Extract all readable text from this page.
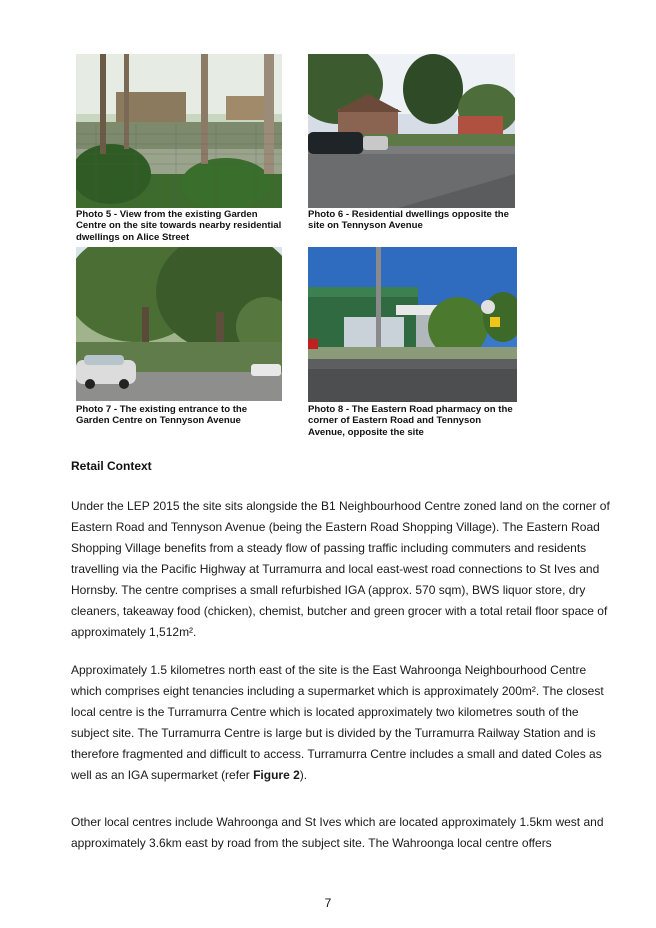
Photo 5 - View from the existing Garden Centre on the site towards nearby residential dwellings on Alice Street
Photo 6 - Residential dwellings opposite the site on Tennyson Avenue
Photo 7 - The existing entrance to the Garden Centre on Tennyson Avenue
Photo 8 - The Eastern Road pharmacy on the corner of Eastern Road and Tennyson Avenue, opposite the site
Retail Context

Under the LEP 2015 the site sits alongside the B1 Neighbourhood Centre zoned land on the corner of Eastern Road and Tennyson Avenue (being the Eastern Road Shopping Village). The Eastern Road Shopping Village benefits from a steady flow of passing traffic including commuters and residents travelling via the Pacific Highway at Turramurra and local east-west road connections to St Ives and Hornsby. The centre comprises a small refurbished IGA (approx. 570 sqm), BWS liquor store, dry cleaners, takeaway food (chicken), chemist, butcher and green grocer with a total retail floor space of approximately 1,512m².

Approximately 1.5 kilometres north east of the site is the East Wahroonga Neighbourhood Centre which comprises eight tenancies including a supermarket which is approximately 200m². The closest local centre is the Turramurra Centre which is located approximately two kilometres south of the subject site. The Turramurra Centre is large but is divided by the Turramurra Railway Station and is therefore fragmented and difficult to access. Turramurra Centre includes a small and dated Coles as well as an IGA supermarket (refer Figure 2).

Other local centres include Wahroonga and St Ives which are located approximately 1.5km west and approximately 3.6km east by road from the subject site. The Wahroonga local centre offers

7
